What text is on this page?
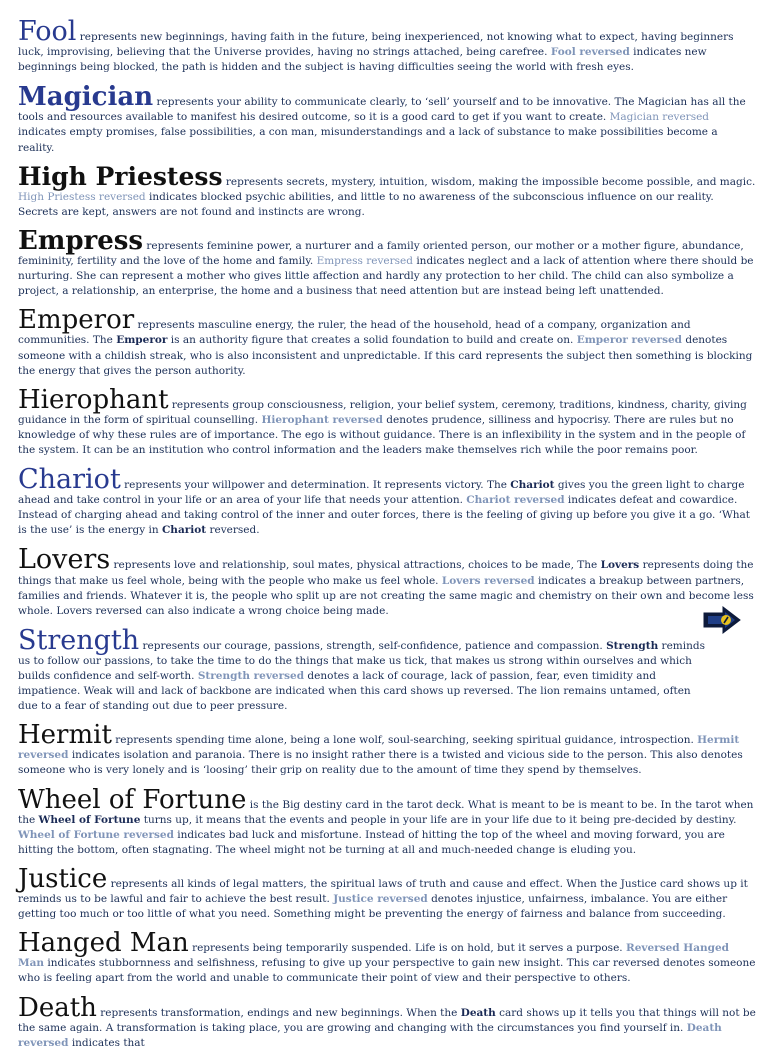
Fool represents new beginnings, having faith in the future, being inexperienced, not knowing what to expect, having beginners luck, improvising, believing that the Universe provides, having no strings attached, being carefree. Fool reversed indicates new beginnings being blocked, the path is hidden and the subject is having difficulties seeing the world with fresh eyes.

Magician represents your ability to communicate clearly, to ‘sell’ yourself and to be innovative. The Magician has all the tools and resources available to manifest his desired outcome, so it is a good card to get if you want to create. Magician reversed indicates empty promises, false possibilities, a con man, misunderstandings and a lack of substance to make possibilities become a reality.

High Priestess represents secrets, mystery, intuition, wisdom, making the impossible become possible, and magic. High Priestess reversed indicates blocked psychic abilities, and little to no awareness of the subconscious influence on our reality. Secrets are kept, answers are not found and instincts are wrong.

Empress represents feminine power, a nurturer and a family oriented person, our mother or a mother figure, abundance, femininity, fertility and the love of the home and family. Empress reversed indicates neglect and a lack of attention where there should be nurturing. She can represent a mother who gives little affection and hardly any protection to her child. The child can also symbolize a project, a relationship, an enterprise, the home and a business that need attention but are instead being left unattended.

Emperor represents masculine energy, the ruler, the head of the household, head of a company, organization and communities. The Emperor is an authority figure that creates a solid foundation to build and create on. Emperor reversed denotes someone with a childish streak, who is also inconsistent and unpredictable. If this card represents the subject then something is blocking the energy that gives the person authority.

Hierophant represents group consciousness, religion, your belief system, ceremony, traditions, kindness, charity, giving guidance in the form of spiritual counselling. Hierophant reversed denotes prudence, silliness and hypocrisy. There are rules but no knowledge of why these rules are of importance. The ego is without guidance. There is an inflexibility in the system and in the people of the system. It can be an institution who control information and the leaders make themselves rich while the poor remains poor.

Chariot represents your willpower and determination. It represents victory. The Chariot gives you the green light to charge ahead and take control in your life or an area of your life that needs your attention. Chariot reversed indicates defeat and cowardice. Instead of charging ahead and taking control of the inner and outer forces, there is the feeling of giving up before you give it a go. ‘What is the use’ is the energy in Chariot reversed.

Lovers represents love and relationship, soul mates, physical attractions, choices to be made, The Lovers represents doing the things that make us feel whole, being with the people who make us feel whole. Lovers reversed indicates a breakup between partners, families and friends. Whatever it is, the people who split up are not creating the same magic and chemistry on their own and become less whole. Lovers reversed can also indicate a wrong choice being made.

Strength represents our courage, passions, strength, self-confidence, patience and compassion. Strength reminds us to follow our passions, to take the time to do the things that make us tick, that makes us strong within ourselves and which builds confidence and self-worth. Strength reversed denotes a lack of courage, lack of passion, fear, even timidity and impatience. Weak will and lack of backbone are indicated when this card shows up reversed. The lion remains untamed, often due to a fear of standing out due to peer pressure.

Hermit represents spending time alone, being a lone wolf, soul-searching, seeking spiritual guidance, introspection. Hermit reversed indicates isolation and paranoia. There is no insight rather there is a twisted and vicious side to the person. This also denotes someone who is very lonely and is ‘loosing’ their grip on reality due to the amount of time they spend by themselves.

Wheel of Fortune is the Big destiny card in the tarot deck. What is meant to be is meant to be. In the tarot when the Wheel of Fortune turns up, it means that the events and people in your life are in your life due to it being pre-decided by destiny. Wheel of Fortune reversed indicates bad luck and misfortune. Instead of hitting the top of the wheel and moving forward, you are hitting the bottom, often stagnating. The wheel might not be turning at all and much-needed change is eluding you.

Justice represents all kinds of legal matters, the spiritual laws of truth and cause and effect. When the Justice card shows up it reminds us to be lawful and fair to achieve the best result. Justice reversed denotes injustice, unfairness, imbalance. You are either getting too much or too little of what you need. Something might be preventing the energy of fairness and balance from succeeding.

Hanged Man represents being temporarily suspended. Life is on hold, but it serves a purpose. Reversed Hanged Man indicates stubbornness and selfishness, refusing to give up your perspective to gain new insight. This car reversed denotes someone who is feeling apart from the world and unable to communicate their point of view and their perspective to others.

Death represents transformation, endings and new beginnings. When the Death card shows up it tells you that things will not be the same again. A transformation is taking place, you are growing and changing with the circumstances you find yourself in. Death reversed indicates that
